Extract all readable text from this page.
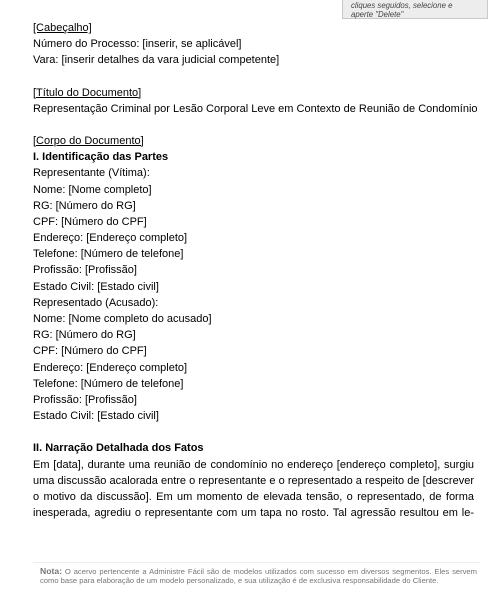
cliques seguidos, selecione e
aperte "Delete"
[Cabeçalho]
Número do Processo: [inserir, se aplicável]
Vara: [inserir detalhes da vara judicial competente]
[Título do Documento]
Representação Criminal por Lesão Corporal Leve em Contexto de Reunião de Condomínio
[Corpo do Documento]
I. Identificação das Partes
Representante (Vítima):
Nome: [Nome completo]
RG: [Número do RG]
CPF: [Número do CPF]
Endereço: [Endereço completo]
Telefone: [Número de telefone]
Profissão: [Profissão]
Estado Civil: [Estado civil]
Representado (Acusado):
Nome: [Nome completo do acusado]
RG: [Número do RG]
CPF: [Número do CPF]
Endereço: [Endereço completo]
Telefone: [Número de telefone]
Profissão: [Profissão]
Estado Civil: [Estado civil]
II. Narração Detalhada dos Fatos
Em [data], durante uma reunião de condomínio no endereço [endereço completo], surgiu
uma discussão acalorada entre o representante e o representado a respeito de [descrever
o motivo da discussão]. Em um momento de elevada tensão, o representado, de forma
inesperada, agrediu o representante com um tapa no rosto. Tal agressão resultou em le-
Nota: O acervo pertencente a Administre Fácil são de modelos utilizados com sucesso em diversos segmentos. Eles servem como base para elaboração de um modelo personalizado, e sua utilização é de exclusiva responsabilidade do Cliente.
